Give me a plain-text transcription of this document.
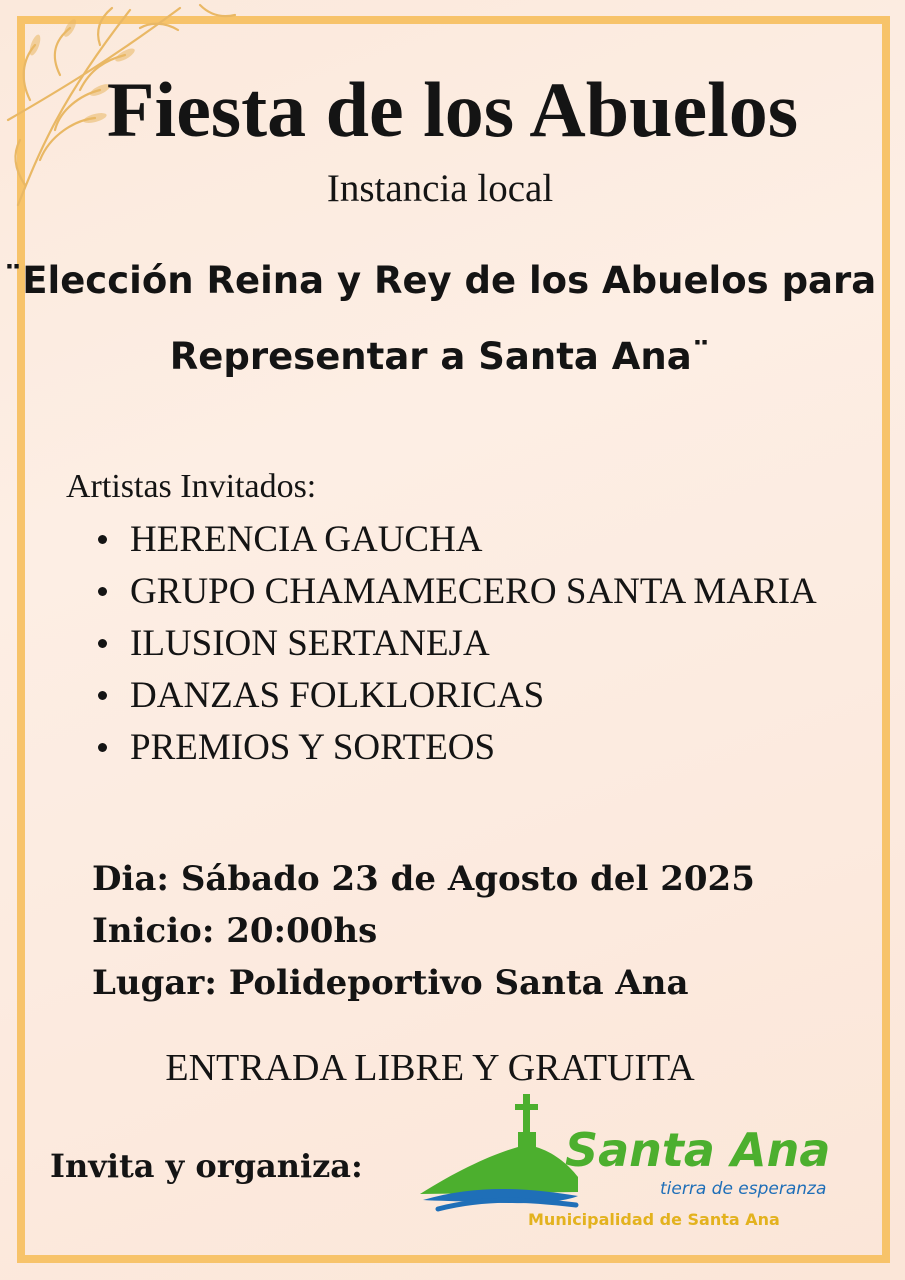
Fiesta de los Abuelos
Instancia local
¨Elección Reina y Rey de los Abuelos para Representar a Santa Ana¨
Artistas Invitados:
HERENCIA GAUCHA
GRUPO CHAMAMECERO SANTA MARIA
ILUSION SERTANEJA
DANZAS FOLKLORICAS
PREMIOS Y SORTEOS

Dia: Sábado 23 de Agosto del 2025

Inicio: 20:00hs

Lugar: Polideportivo Santa Ana

ENTRADA LIBRE Y GRATUITA
Invita y organiza:	Santa Ana
tierra de esperanza
Municipalidad de Santa Ana
